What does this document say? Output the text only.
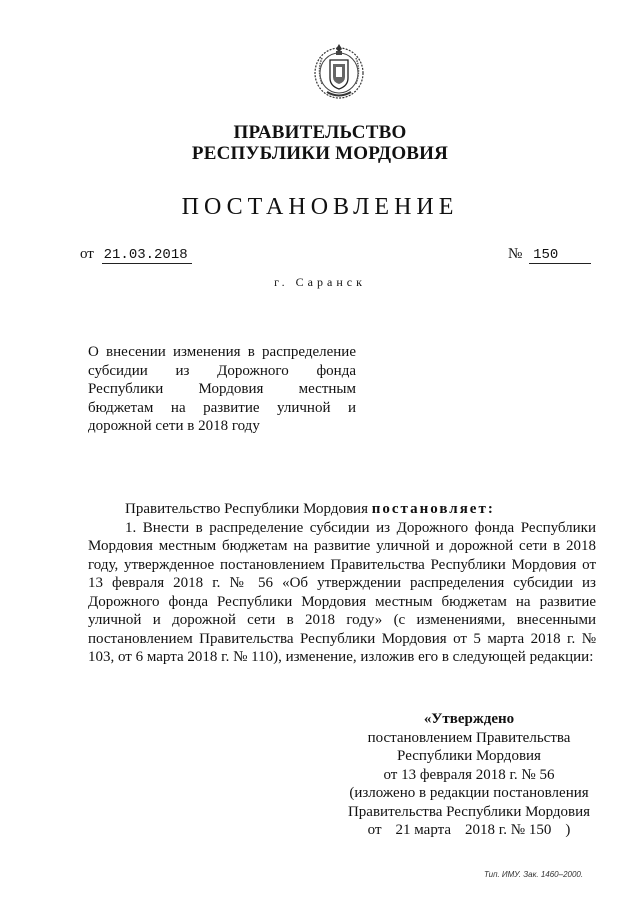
ПРАВИТЕЛЬСТВО
РЕСПУБЛИКИ МОРДОВИЯ
ПОСТАНОВЛЕНИЕ
от 21.03.2018	№ 150
г. Саранск
О внесении изменения в распределение субсидии из Дорожного фонда Республики Мордовия местным бюджетам на развитие уличной и дорожной сети в 2018 году

Правительство Республики Мордовия постановляет:

1. Внести в распределение субсидии из Дорожного фонда Республики Мордовия местным бюджетам на развитие уличной и дорожной сети в 2018 году, утвержденное постановлением Правительства Республики Мордовия от 13 февраля 2018 г. № 56 «Об утверждении распределения субсидии из Дорожного фонда Республики Мордовия местным бюджетам на развитие уличной и дорожной сети в 2018 году» (с изменениями, внесенными постановлением Правительства Республики Мордовия от 5 марта 2018 г. № 103, от 6 марта 2018 г. № 110), изменение, изложив его в следующей редакции:

«Утверждено
постановлением Правительства
Республики Мордовия
от 13 февраля 2018 г. № 56
(изложено в редакции постановления
Правительства Республики Мордовия
от 21 марта 2018 г. № 150 )
Тип. ИМУ. Зак. 1460–2000.
